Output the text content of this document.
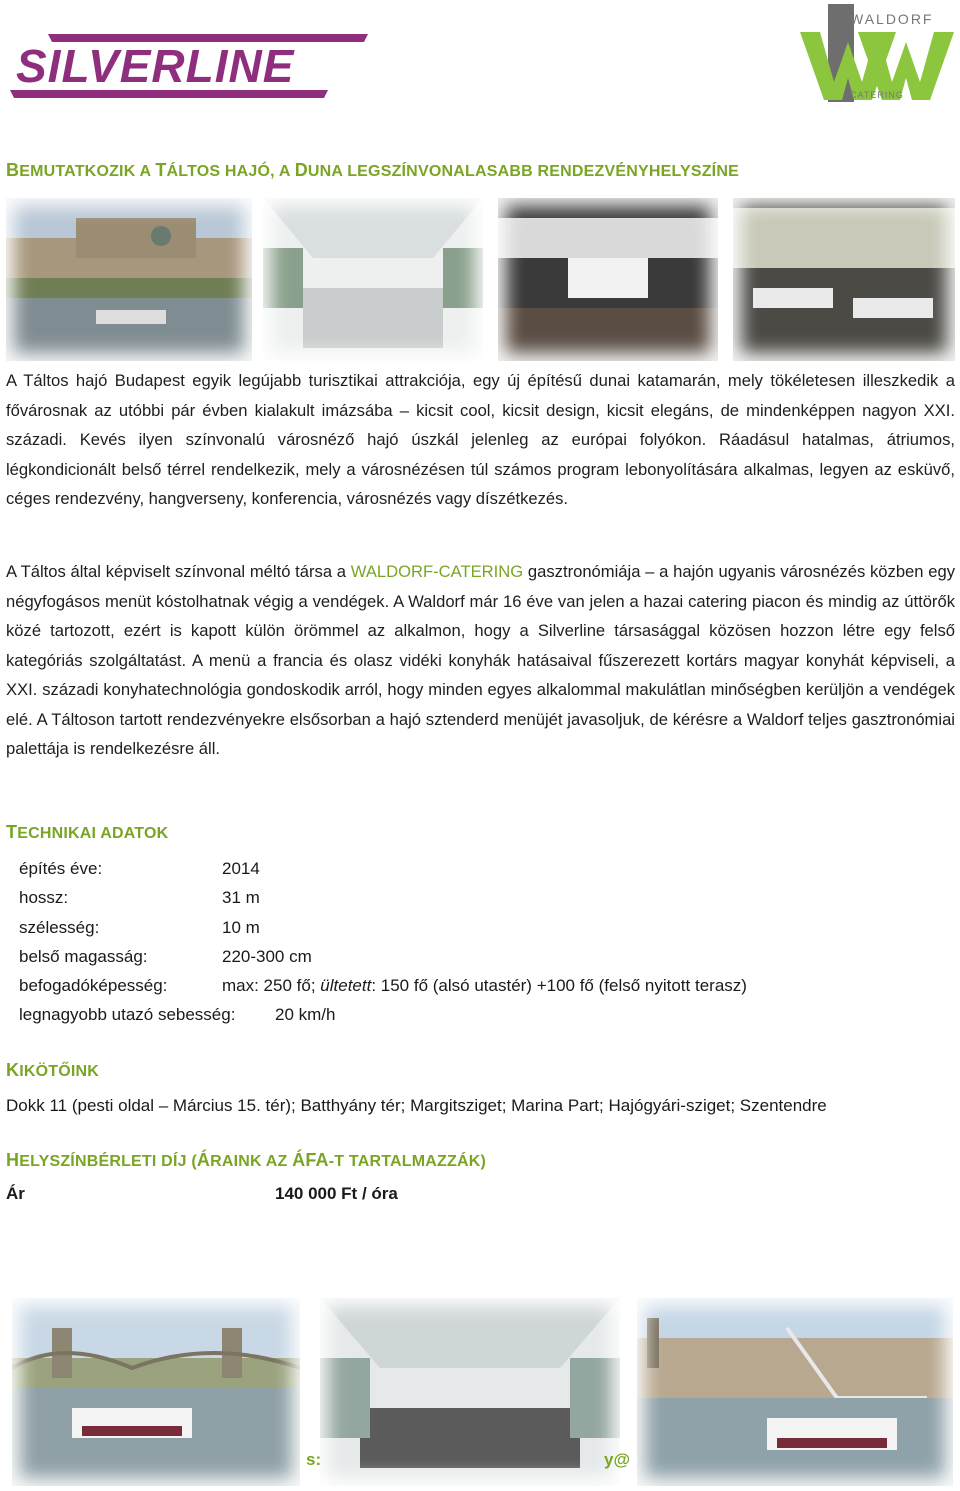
SILVERLINE
WALDORF
CATERING
BEMUTATKOZIK A TÁLTOS HAJÓ, A DUNA LEGSZÍNVONALASABB RENDEZVÉNYHELYSZÍNE

A Táltos hajó Budapest egyik legújabb turisztikai attrakciója, egy új építésű dunai katamarán, mely tökéletesen illeszkedik a fővárosnak az utóbbi pár évben kialakult imázsába – kicsit cool, kicsit design, kicsit elegáns, de mindenképpen nagyon XXI. századi. Kevés ilyen színvonalú városnéző hajó úszkál jelenleg az európai folyókon. Ráadásul hatalmas, átriumos, légkondicionált belső térrel rendelkezik, mely a városnézésen túl számos program lebonyolítására alkalmas, legyen az esküvő, céges rendezvény, hangverseny, konferencia, városnézés vagy díszétkezés.

A Táltos által képviselt színvonal méltó társa a WALDORF-CATERING gasztronómiája – a hajón ugyanis városnézés közben egy négyfogásos menüt kóstolhatnak végig a vendégek. A Waldorf már 16 éve van jelen a hazai catering piacon és mindig az úttörők közé tartozott, ezért is kapott külön örömmel az alkalmon, hogy a Silverline társasággal közösen hozzon létre egy felső kategóriás szolgáltatást. A menü a francia és olasz vidéki konyhák hatásaival fűszerezett kortárs magyar konyhát képviseli, a XXI. századi konyhatechnológia gondoskodik arról, hogy minden egyes alkalommal makulátlan minőségben kerüljön a vendégek elé. A Táltoson tartott rendezvényekre elsősorban a hajó sztenderd menüjét javasoljuk, de kérésre a Waldorf teljes gasztronómiai palettája is rendelkezésre áll.

TECHNIKAI ADATOK
építés éve:	2014
hossz:	31 m
szélesség:	10 m
belső magasság:	220-300 cm
befogadóképesség:	max: 250 fő; ültetett: 150 fő (alsó utastér) +100 fő (felső nyitott terasz)
legnagyobb utazó sebesség:	20 km/h
KIKÖTŐINK
Dokk 11 (pesti oldal – Március 15. tér); Batthyány tér; Margitsziget; Marina Part; Hajógyári-sziget; Szentendre
HELYSZÍNBÉRLETI DÍJ (ÁRAINK AZ ÁFA-T TARTALMAZZÁK)
Ár	140 000 Ft / óra
s:	y@
